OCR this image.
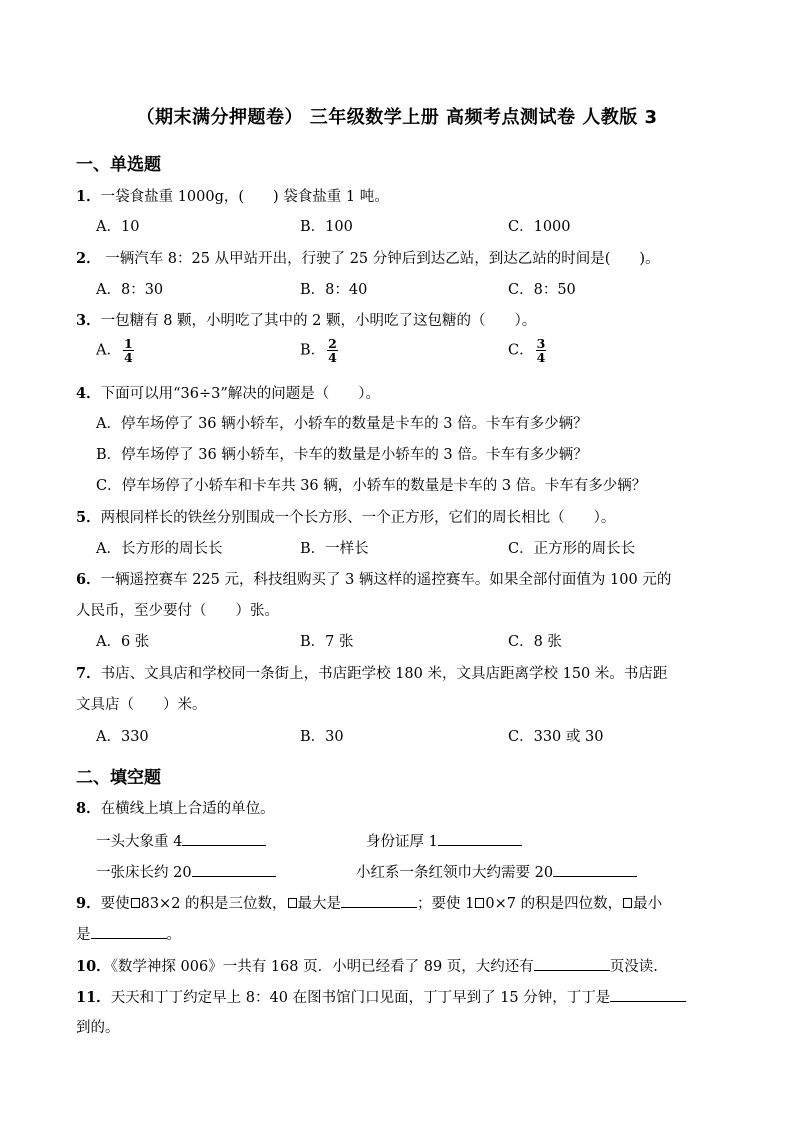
（期末满分押题卷） 三年级数学上册 高频考点测试卷 人教版 3
一、单选题
1．一袋食盐重 1000g，(　　) 袋食盐重 1 吨。
A．10	B．100	C．1000
2． 一辆汽车 8：25 从甲站开出，行驶了 25 分钟后到达乙站，到达乙站的时间是(　　)。
A．8：30	B．8：40	C．8：50
3．一包糖有 8 颗，小明吃了其中的 2 颗，小明吃了这包糖的（　　）。
A． $\frac{1}{4}$	B． $\frac{2}{4}$	C． $\frac{3}{4}$
4．下面可以用“36÷3”解决的问题是（　　）。
A．停车场停了 36 辆小轿车，小轿车的数量是卡车的 3 倍。卡车有多少辆？
B．停车场停了 36 辆小轿车，卡车的数量是小轿车的 3 倍。卡车有多少辆？
C．停车场停了小轿车和卡车共 36 辆，小轿车的数量是卡车的 3 倍。卡车有多少辆？
5．两根同样长的铁丝分别围成一个长方形、一个正方形，它们的周长相比（　　）。
A．长方形的周长长	B．一样长	C．正方形的周长长
6．一辆遥控赛车 225 元，科技组购买了 3 辆这样的遥控赛车。如果全部付面值为 100 元的
人民币，至少要付（　　）张。
A．6 张	B．7 张	C．8 张
7．书店、文具店和学校同一条街上，书店距学校 180 米，文具店距离学校 150 米。书店距
文具店（　　）米。
A．330	B．30	C．330 或 30
二、填空题
8．在横线上填上合适的单位。
一头大象重 4	身份证厚 1
一张床长约 20	小红系一条红领巾大约需要 20
9．要使 83×2 的积是三位数， 最大是	；要使 1 0×7 的积是四位数， 最小
是	。
10．《数学神探 006》一共有 168 页．小明已经看了 89 页，大约还有	页没读.
11．天天和丁丁约定早上 8：40 在图书馆门口见面，丁丁早到了 15 分钟，丁丁是
到的。
